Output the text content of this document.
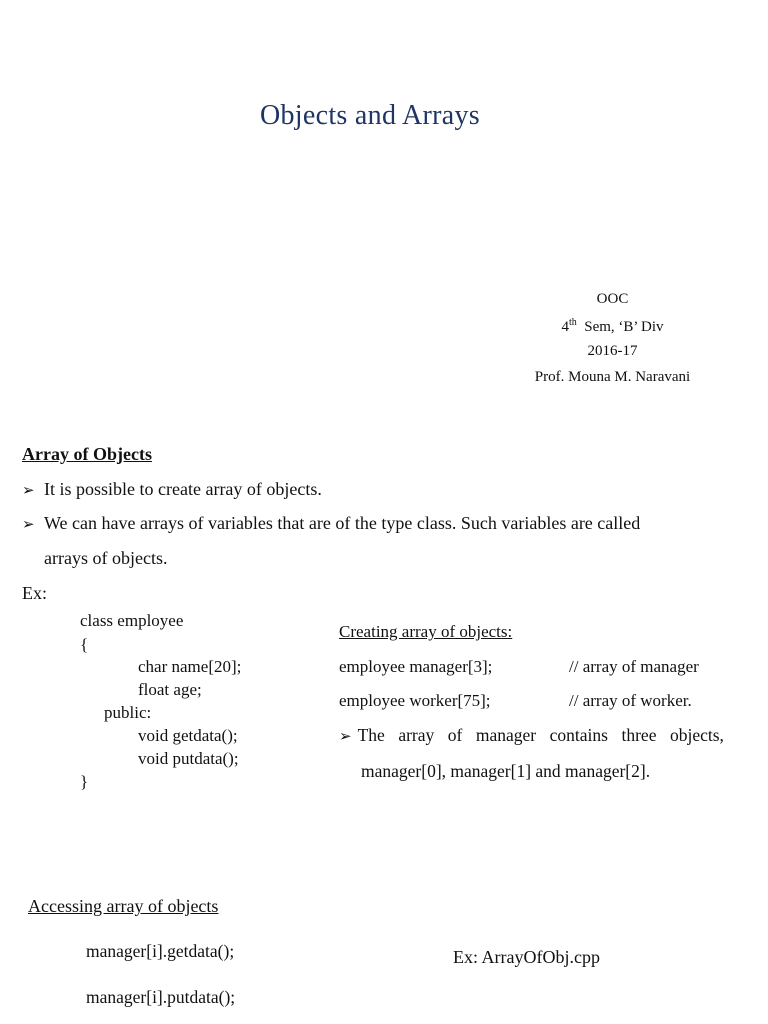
Objects and Arrays
OOC
4th Sem, ‘B’ Div
2016-17
Prof. Mouna M. Naravani
Array of Objects
➢ It is possible to create array of objects.
➢ We can have arrays of variables that are of the type class. Such variables are called
arrays of objects.
Ex:
class employee
{
char name[20];
float age;
public:
void getdata();
void putdata();
}
Creating array of objects:
employee manager[3];	// array of manager
employee worker[75];	// array of worker.
➢ The array of manager contains three objects,
manager[0], manager[1] and manager[2].
Accessing array of objects
manager[i].getdata();
manager[i].putdata();
Ex: ArrayOfObj.cpp
